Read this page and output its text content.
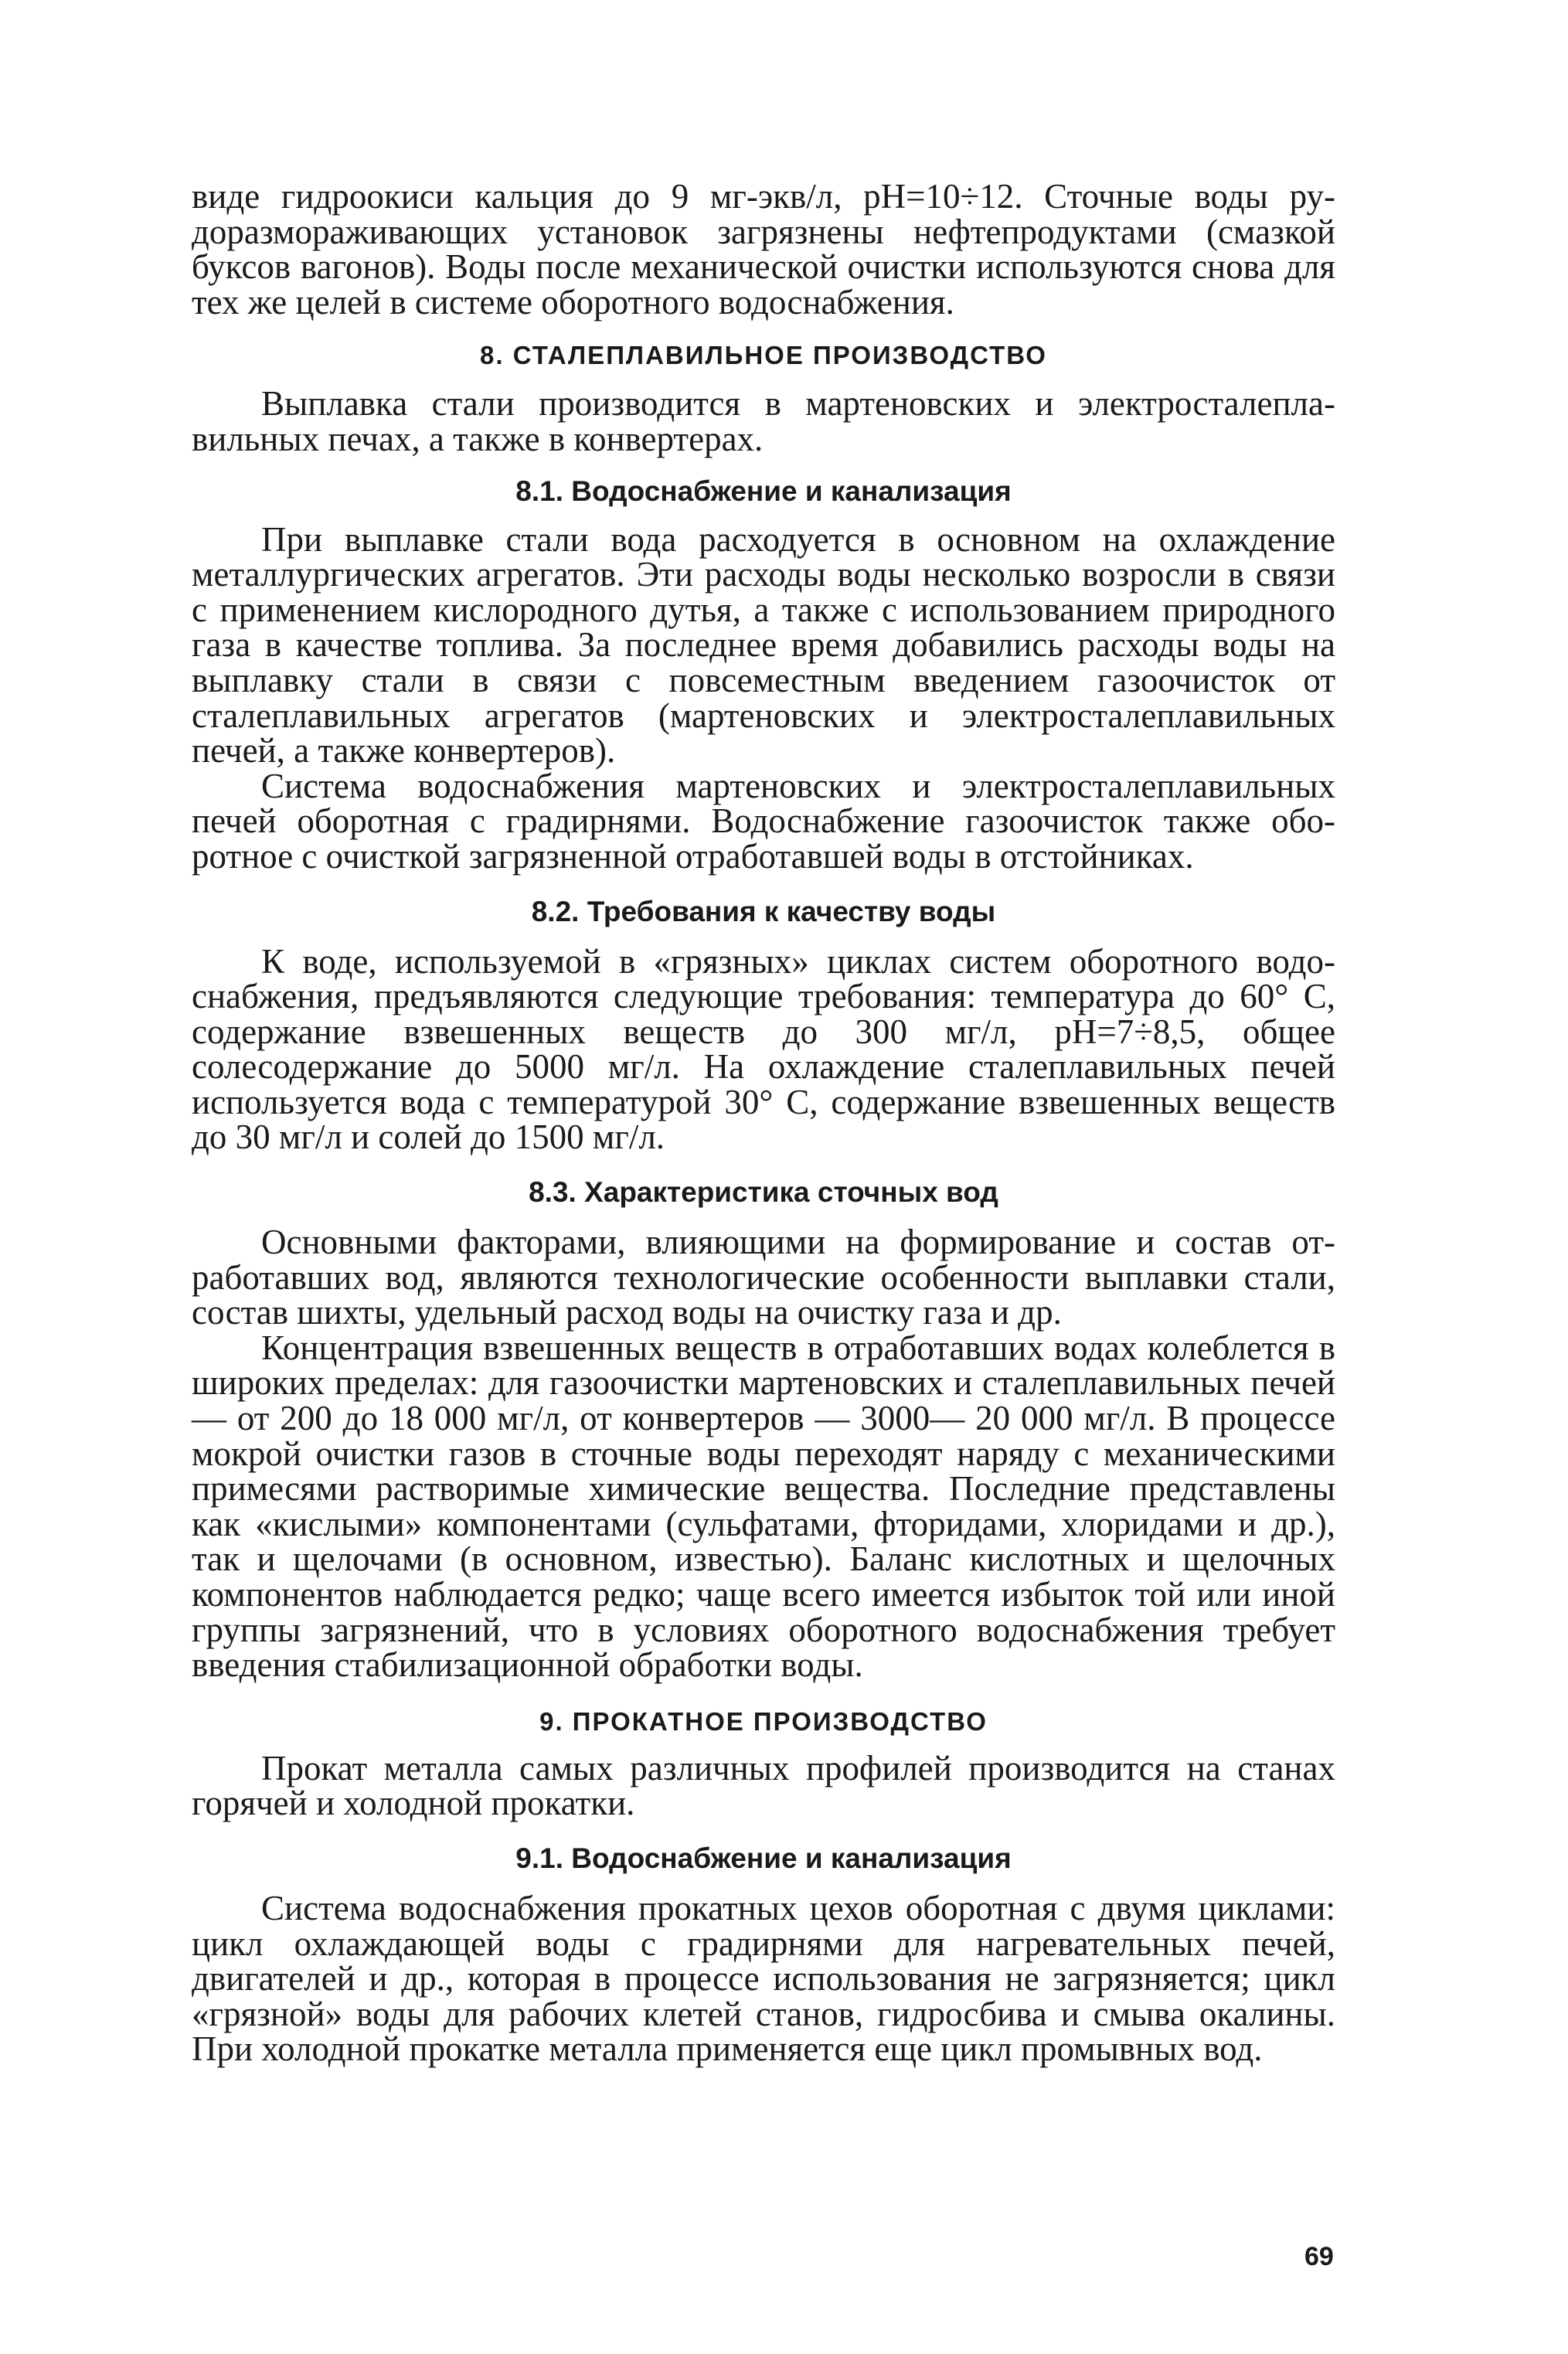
виде гидроокиси кальция до 9 мг-экв/л, pH=10÷12. Сточные воды рудоразмораживающих установок загрязнены нефтепродуктами (смазкой буксов вагонов). Воды после механической очистки используются снова для тех же целей в системе оборотного водоснабжения.

8. СТАЛЕПЛАВИЛЬНОЕ ПРОИЗВОДСТВО

Выплавка стали производится в мартеновских и электросталеплавильных печах, а также в конвертерах.

8.1. Водоснабжение и канализация

При выплавке стали вода расходуется в основном на охлаждение металлургических агрегатов. Эти расходы воды несколько возросли в связи с применением кислородного дутья, а также с использованием природного газа в качестве топлива. За последнее время добавились расходы воды на выплавку стали в связи с повсеместным введением газоочисток от сталеплавильных агрегатов (мартеновских и электросталеплавильных печей, а также конвертеров).

Система водоснабжения мартеновских и электросталеплавильных печей оборотная с градирнями. Водоснабжение газоочисток также оборотное с очисткой загрязненной отработавшей воды в отстойниках.

8.2. Требования к качеству воды

К воде, используемой в «грязных» циклах систем оборотного водоснабжения, предъявляются следующие требования: температура до 60° С, содержание взвешенных веществ до 300 мг/л, pH=7÷8,5, общее солесодержание до 5000 мг/л. На охлаждение сталеплавильных печей используется вода с температурой 30° С, содержание взвешенных веществ до 30 мг/л и солей до 1500 мг/л.

8.3. Характеристика сточных вод

Основными факторами, влияющими на формирование и состав отработавших вод, являются технологические особенности выплавки стали, состав шихты, удельный расход воды на очистку газа и др.

Концентрация взвешенных веществ в отработавших водах колеблется в широких пределах: для газоочистки мартеновских и сталеплавильных печей — от 200 до 18 000 мг/л, от конвертеров — 3000— 20 000 мг/л. В процессе мокрой очистки газов в сточные воды переходят наряду с механическими примесями растворимые химические вещества. Последние представлены как «кислыми» компонентами (сульфатами, фторидами, хлоридами и др.), так и щелочами (в основном, известью). Баланс кислотных и щелочных компонентов наблюдается редко; чаще всего имеется избыток той или иной группы загрязнений, что в условиях оборотного водоснабжения требует введения стабилизационной обработки воды.

9. ПРОКАТНОЕ ПРОИЗВОДСТВО

Прокат металла самых различных профилей производится на станах горячей и холодной прокатки.

9.1. Водоснабжение и канализация

Система водоснабжения прокатных цехов оборотная с двумя циклами: цикл охлаждающей воды с градирнями для нагревательных печей, двигателей и др., которая в процессе использования не загрязняется; цикл «грязной» воды для рабочих клетей станов, гидросбива и смыва окалины. При холодной прокатке металла применяется еще цикл промывных вод.

69
